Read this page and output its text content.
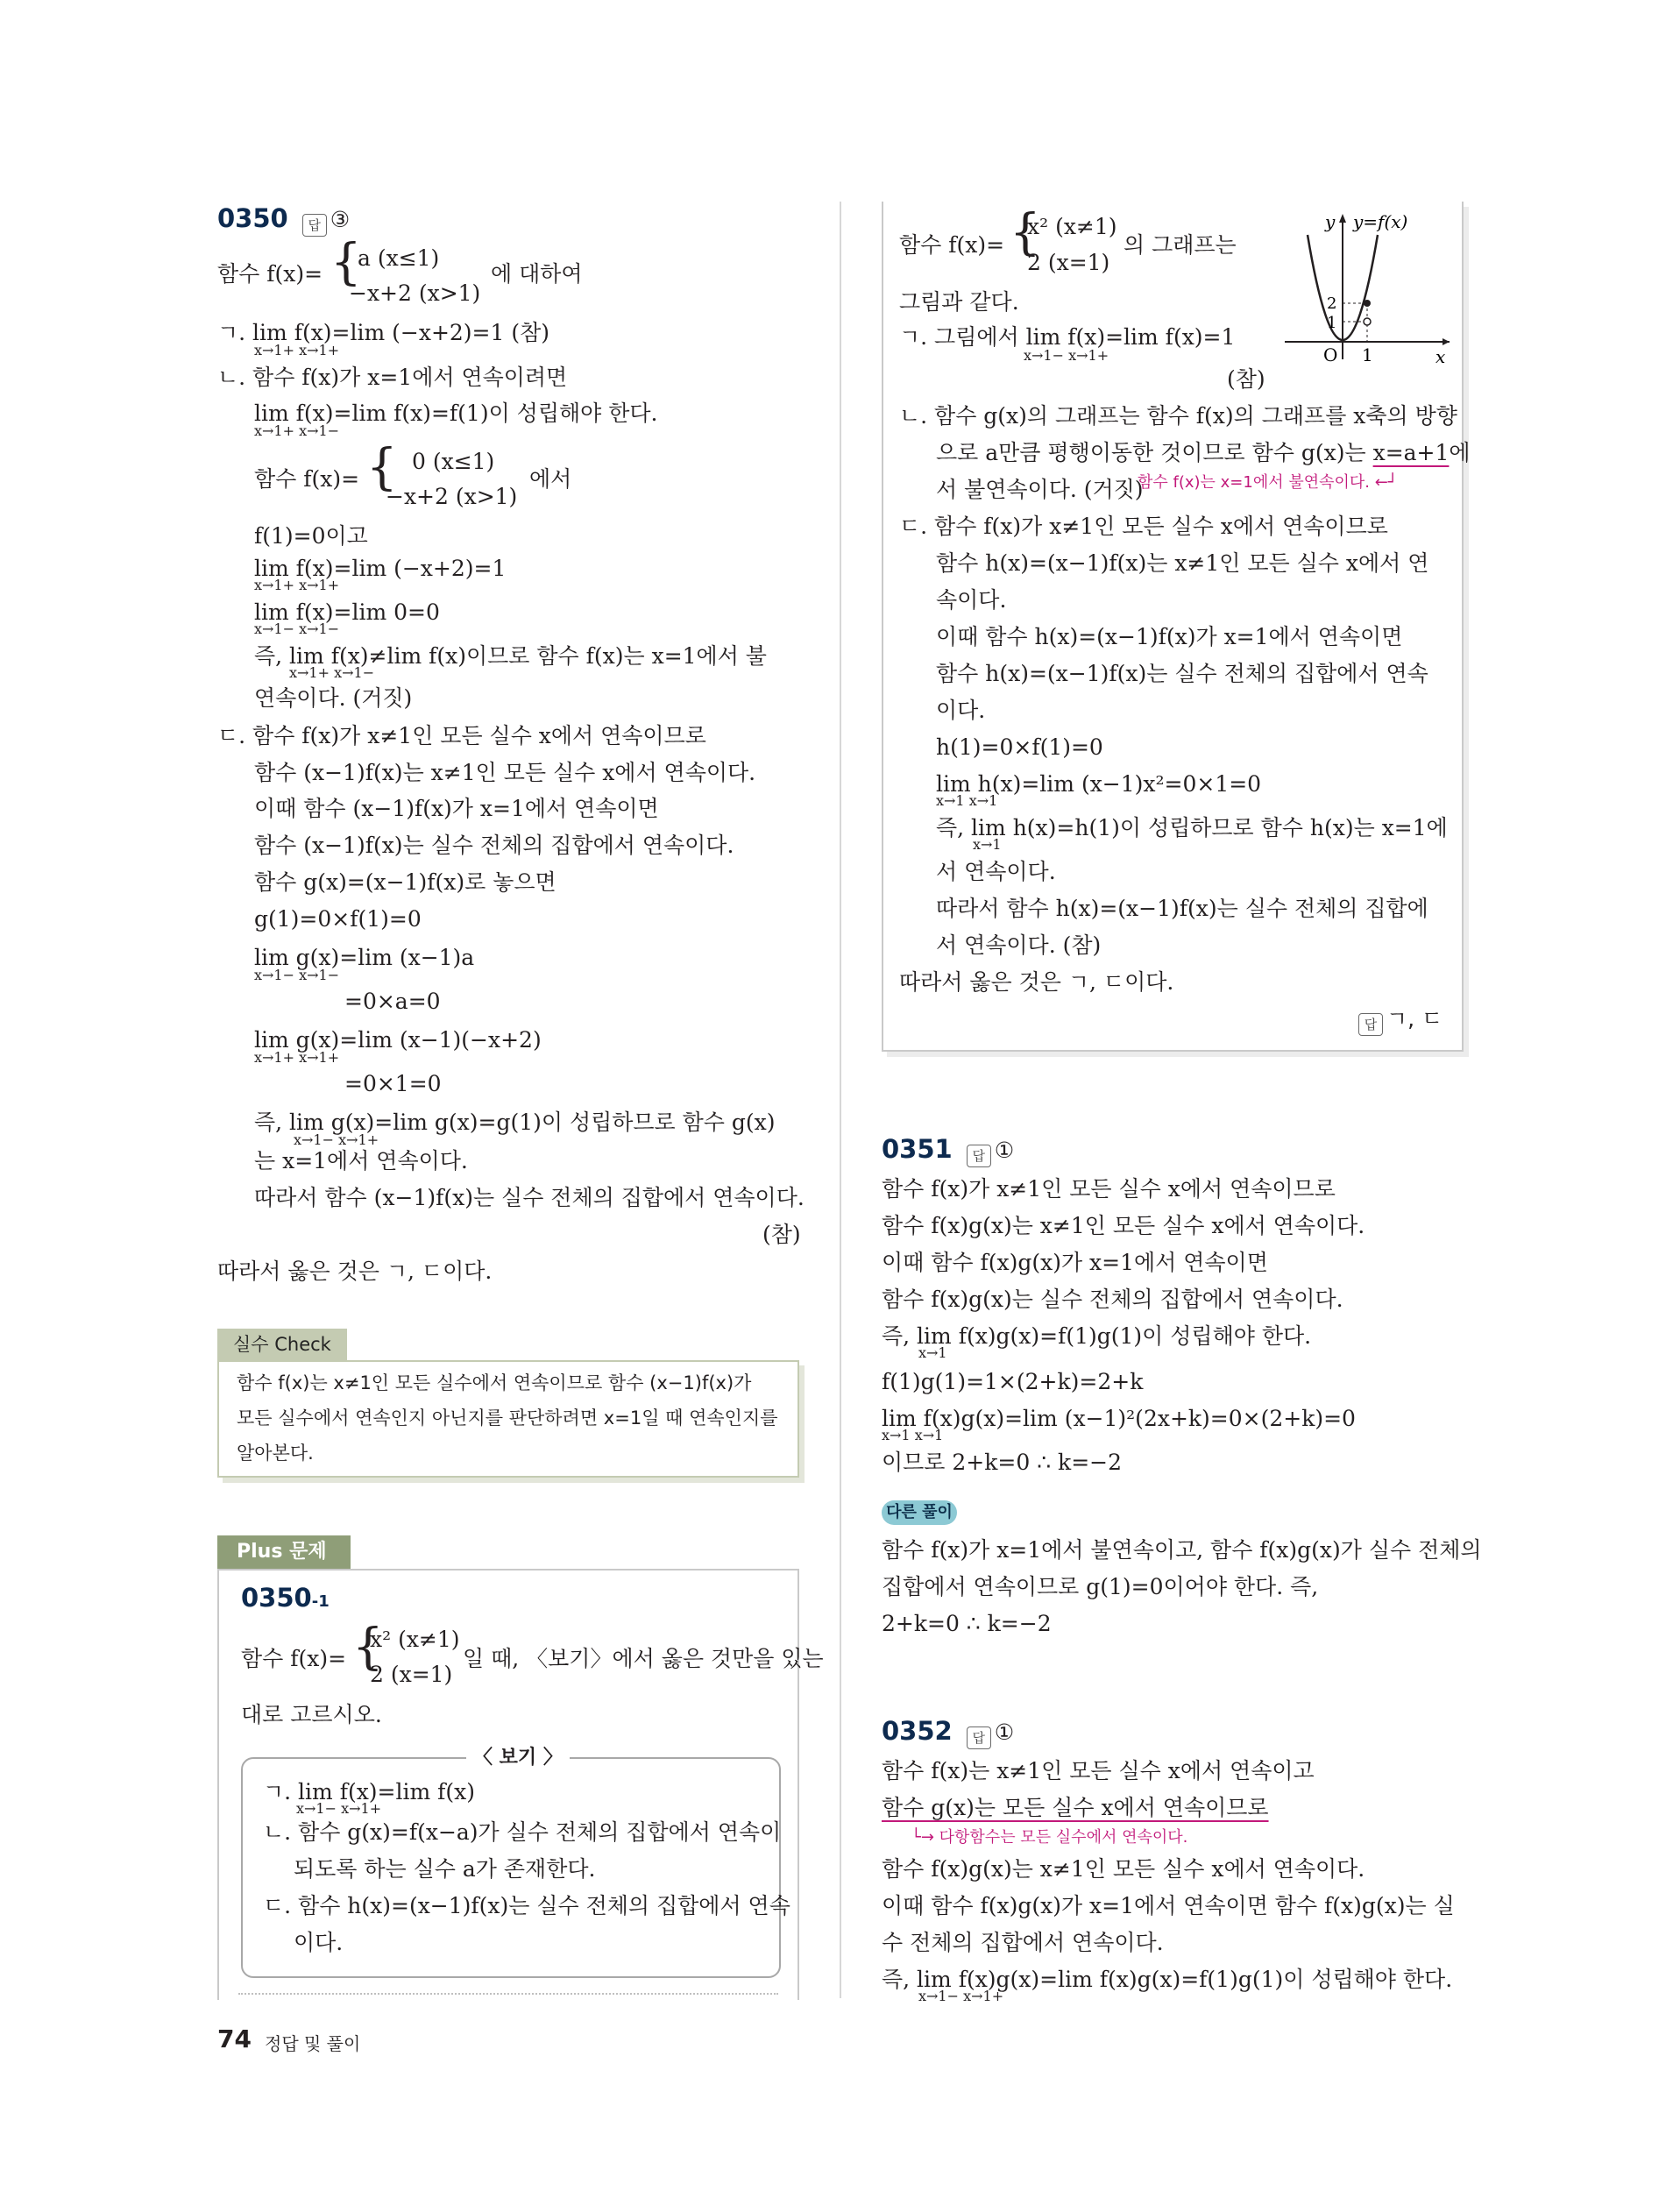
0350 답 ③
함수 f(x)= {
a (x≤1)
−x+2 (x>1)
에 대하여
ㄱ. lim f(x)=lim (−x+2)=1 (참)
x→1+ x→1+
ㄴ. 함수 f(x)가 x=1에서 연속이려면
lim f(x)=lim f(x)=f(1)이 성립해야 한다.
x→1+ x→1−
함수 f(x)= { 0 (x≤1)
−x+2 (x>1)
에서
f(1)=0이고
lim f(x)=lim (−x+2)=1
x→1+ x→1+
lim f(x)=lim 0=0
x→1− x→1−
즉, lim f(x)≠lim f(x)이므로 함수 f(x)는 x=1에서 불
x→1+ x→1−
연속이다. (거짓)
ㄷ. 함수 f(x)가 x≠1인 모든 실수 x에서 연속이므로
함수 (x−1)f(x)는 x≠1인 모든 실수 x에서 연속이다.
이때 함수 (x−1)f(x)가 x=1에서 연속이면
함수 (x−1)f(x)는 실수 전체의 집합에서 연속이다.
함수 g(x)=(x−1)f(x)로 놓으면
g(1)=0×f(1)=0
lim g(x)=lim (x−1)a
x→1− x→1−
=0×a=0
lim g(x)=lim (x−1)(−x+2)
x→1+ x→1+
=0×1=0
즉, lim g(x)=lim g(x)=g(1)이 성립하므로 함수 g(x)
x→1− x→1+
는 x=1에서 연속이다.
따라서 함수 (x−1)f(x)는 실수 전체의 집합에서 연속이다.
(참)
따라서 옳은 것은 ㄱ, ㄷ이다.
실수 Check
함수 f(x)는 x≠1인 모든 실수에서 연속이므로 함수 (x−1)f(x)가
모든 실수에서 연속인지 아닌지를 판단하려면 x=1일 때 연속인지를
알아본다.
Plus 문제
0350-1
함수 f(x)= {
x² (x≠1)
2 (x=1)
일 때, 〈보기〉에서 옳은 것만을 있는
대로 고르시오.
〈 보기 〉
ㄱ. lim f(x)=lim f(x)
x→1− x→1+
ㄴ. 함수 g(x)=f(x−a)가 실수 전체의 집합에서 연속이
되도록 하는 실수 a가 존재한다.
ㄷ. 함수 h(x)=(x−1)f(x)는 실수 전체의 집합에서 연속
이다.
함수 f(x)= {
x² (x≠1)
2 (x=1)
의 그래프는
그림과 같다.
y y=f(x)
x
O 1
1
2
ㄱ. 그림에서 lim f(x)=lim f(x)=1
x→1− x→1+
(참)
ㄴ. 함수 g(x)의 그래프는 함수 f(x)의 그래프를 x축의 방향
으로 a만큼 평행이동한 것이므로 함수 g(x)는 x=a+1에
서 불연속이다. (거짓)
함수 f(x)는 x=1에서 불연속이다. ←┘
ㄷ. 함수 f(x)가 x≠1인 모든 실수 x에서 연속이므로
함수 h(x)=(x−1)f(x)는 x≠1인 모든 실수 x에서 연
속이다.
이때 함수 h(x)=(x−1)f(x)가 x=1에서 연속이면
함수 h(x)=(x−1)f(x)는 실수 전체의 집합에서 연속
이다.
h(1)=0×f(1)=0
lim h(x)=lim (x−1)x²=0×1=0
x→1 x→1
즉, lim h(x)=h(1)이 성립하므로 함수 h(x)는 x=1에
x→1
서 연속이다.
따라서 함수 h(x)=(x−1)f(x)는 실수 전체의 집합에
서 연속이다. (참)
따라서 옳은 것은 ㄱ, ㄷ이다.
답 ㄱ, ㄷ
0351 답 ①
함수 f(x)가 x≠1인 모든 실수 x에서 연속이므로
함수 f(x)g(x)는 x≠1인 모든 실수 x에서 연속이다.
이때 함수 f(x)g(x)가 x=1에서 연속이면
함수 f(x)g(x)는 실수 전체의 집합에서 연속이다.
즉, lim f(x)g(x)=f(1)g(1)이 성립해야 한다.
x→1
f(1)g(1)=1×(2+k)=2+k
lim f(x)g(x)=lim (x−1)²(2x+k)=0×(2+k)=0
x→1 x→1
이므로 2+k=0 ∴ k=−2
다른 풀이
함수 f(x)가 x=1에서 불연속이고, 함수 f(x)g(x)가 실수 전체의
집합에서 연속이므로 g(1)=0이어야 한다. 즉,
2+k=0 ∴ k=−2
0352 답 ①
함수 f(x)는 x≠1인 모든 실수 x에서 연속이고
함수 g(x)는 모든 실수 x에서 연속이므로
└→ 다항함수는 모든 실수에서 연속이다.
함수 f(x)g(x)는 x≠1인 모든 실수 x에서 연속이다.
이때 함수 f(x)g(x)가 x=1에서 연속이면 함수 f(x)g(x)는 실
수 전체의 집합에서 연속이다.
즉, lim f(x)g(x)=lim f(x)g(x)=f(1)g(1)이 성립해야 한다.
x→1− x→1+
74 정답 및 풀이
